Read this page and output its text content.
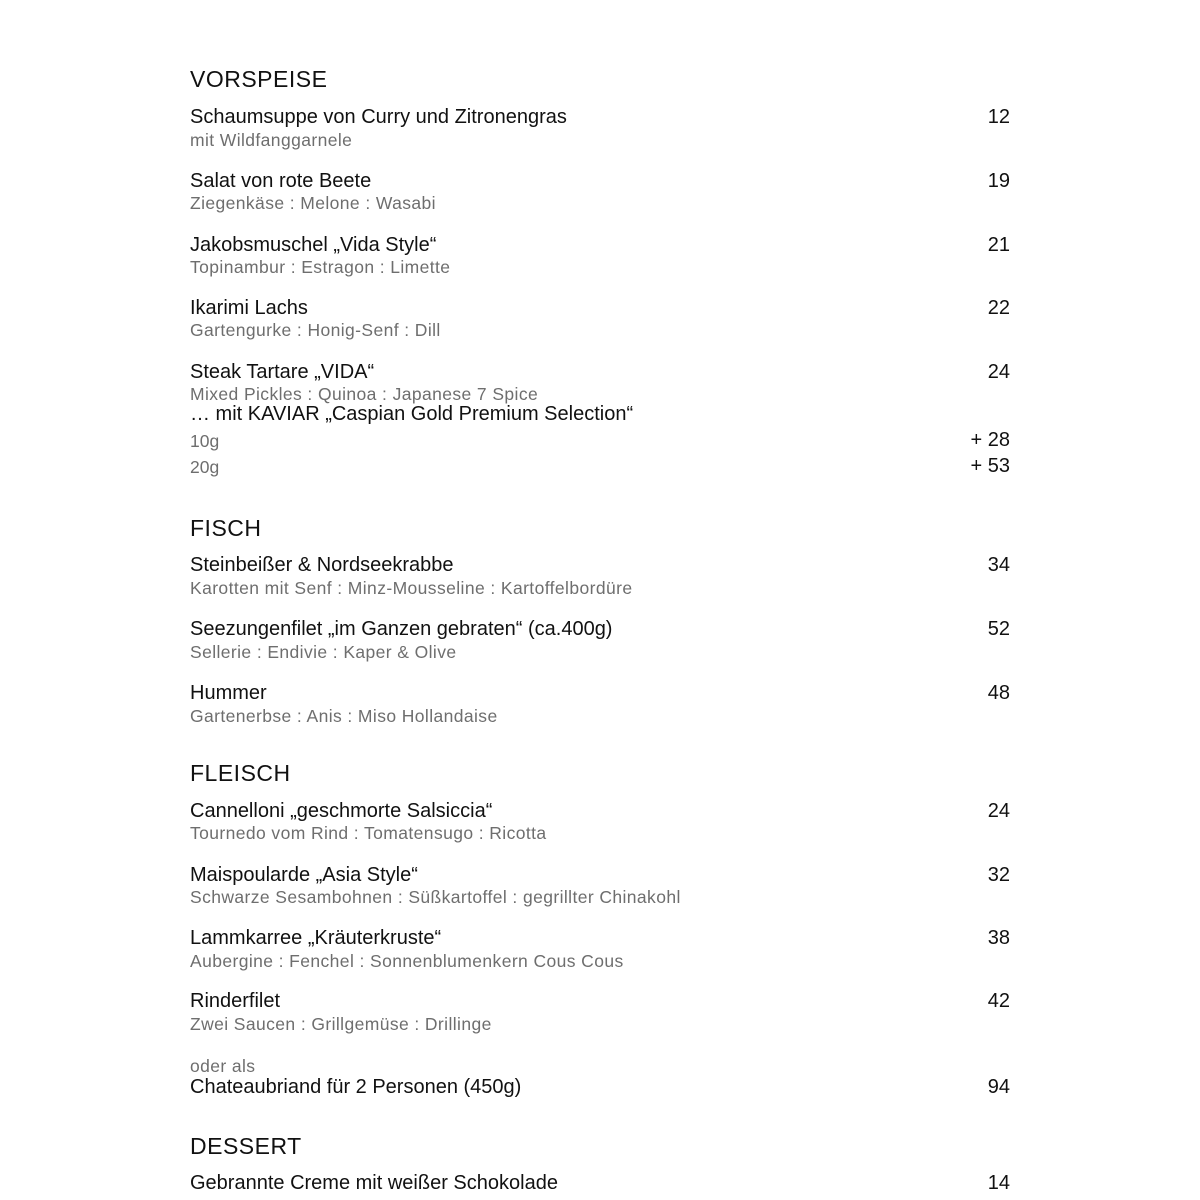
VORSPEISE
Schaumsuppe von Curry und Zitronengras	12
mit Wildfanggarnele
Salat von rote Beete	19
Ziegenkäse : Melone : Wasabi
Jakobsmuschel „Vida Style“	21
Topinambur : Estragon : Limette
Ikarimi Lachs	22
Gartengurke : Honig-Senf : Dill
Steak Tartare „VIDA“	24
Mixed Pickles : Quinoa : Japanese 7 Spice
… mit KAVIAR „Caspian Gold Premium Selection“
10g	+ 28
20g	+ 53
FISCH
Steinbeißer & Nordseekrabbe	34
Karotten mit Senf : Minz-Mousseline : Kartoffelbordüre
Seezungenfilet „im Ganzen gebraten“ (ca.400g)	52
Sellerie : Endivie : Kaper & Olive
Hummer	48
Gartenerbse : Anis : Miso Hollandaise
FLEISCH
Cannelloni „geschmorte Salsiccia“	24
Tournedo vom Rind : Tomatensugo : Ricotta
Maispoularde „Asia Style“	32
Schwarze Sesambohnen : Süßkartoffel : gegrillter Chinakohl
Lammkarree „Kräuterkruste“	38
Aubergine : Fenchel : Sonnenblumenkern Cous Cous
Rinderfilet	42
Zwei Saucen : Grillgemüse : Drillinge
oder als
Chateaubriand für 2 Personen (450g)	94
DESSERT
Gebrannte Creme mit weißer Schokolade	14
